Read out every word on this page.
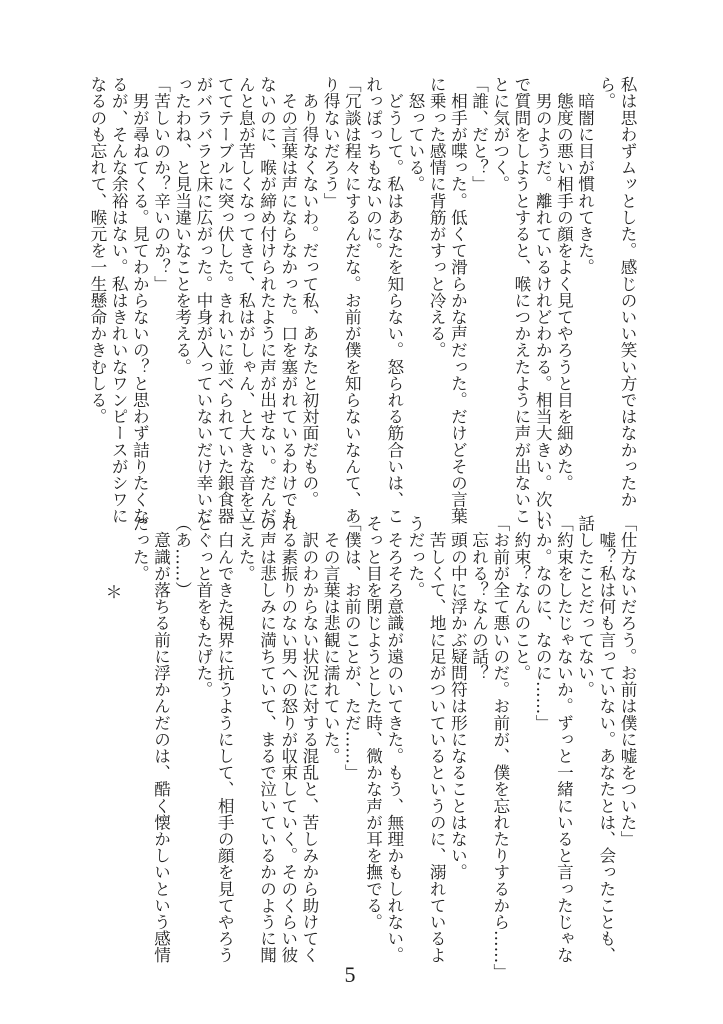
私は思わずムッとした。感じのいい笑い方ではなかったか
ら。
　暗闇に目が慣れてきた。
　態度の悪い相手の顔をよく見てやろうと目を細めた。
　男のようだ。離れているけれどわかる。相当大きい。次い
で質問をしようとすると、喉につかえたように声が出ないこ
とに気がつく。
「誰、だと？」
　相手が喋った。低くて滑らかな声だった。だけどその言葉
に乗った感情に背筋がすっと冷える。
　怒っている。
　どうして。私はあなたを知らない。怒られる筋合いは、こ
れっぽっちもないのに。
「冗談は程々にするんだな。お前が僕を知らないなんて、あ
り得ないだろう」
　あり得なくないわ。だって私、あなたと初対面だもの。
　その言葉は声にならなかった。口を塞がれているわけでも
ないのに、喉が締め付けられたように声が出せない。だんだ
んと息が苦しくなってきて、私はがしゃん、と大きな音を立
ててテーブルに突っ伏した。きれいに並べられていた銀食器
がバラバラと床に広がった。中身が入っていないだけ幸いだ
ったわね、と見当違いなことを考える。
「苦しいのか？辛いのか？」
　男が尋ねてくる。見てわからないの？と思わず詰りたくな
るが、そんな余裕はない。私はきれいなワンピースがシワに
なるのも忘れて、喉元を一生懸命かきむしる。
「仕方ないだろう。お前は僕に嘘をついた」
　嘘？私は何も言っていない。あなたとは、会ったことも、
話したことだってない。
「約束をしたじゃないか。ずっと一緒にいると言ったじゃな
いか。なのに、なのに……」
　約束？なんのこと。
「お前が全て悪いのだ。お前が、僕を忘れたりするから……」
　忘れる？なんの話？
　頭の中に浮かぶ疑問符は形になることはない。
　苦しくて、地に足がついているというのに、溺れているよ
うだった。
　そろそろ意識が遠のいてきた。もう、無理かもしれない。
そっと目を閉じようとした時、微かな声が耳を撫でる。
「僕は、お前のことが、ただ……」
　その言葉は悲観に濡れていた。
　訳のわからない状況に対する混乱と、苦しみから助けてく
れる素振りのない男への怒りが収束していく。そのくらい彼
の声は悲しみに満ちていて、まるで泣いているかのように聞
こえた。
　白んできた視界に抗うようにして、相手の顔を見てやろう
とぐっと首をもたげた。
（あ……）
　意識が落ちる前に浮かんだのは、酷く懐かしいという感情
だった。
＊
5
